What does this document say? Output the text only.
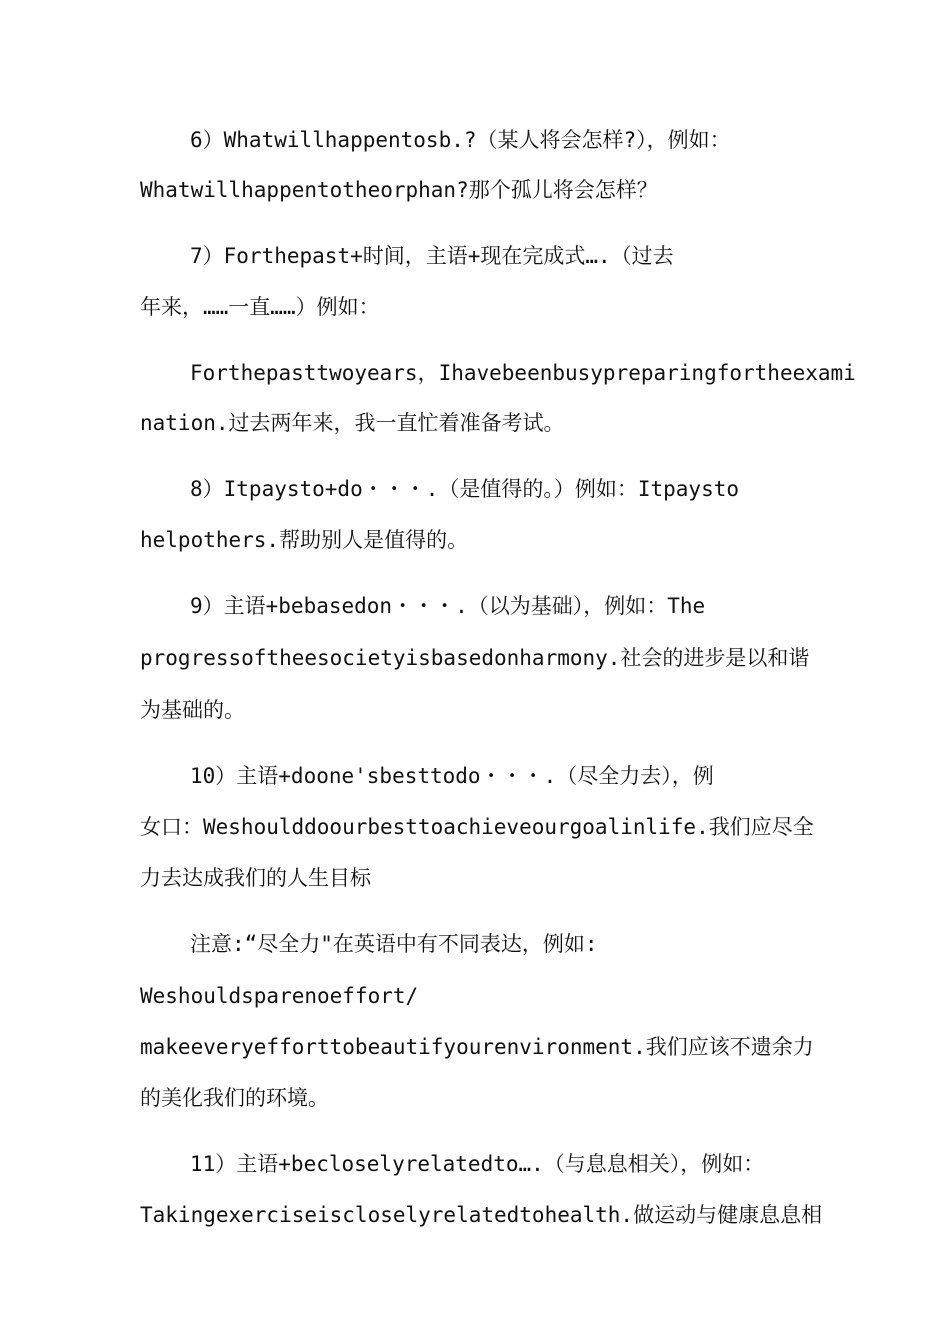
6）Whatwillhappentosb.?（某人将会怎样?），例如：
Whatwillhappentotheorphan?那个孤儿将会怎样？
7）Forthepast+时间，主语+现在完成式….（过去
年来，……一直……）例如：
Forthepasttwoyears，Ihavebeenbusypreparingfortheexami
nation.过去两年来，我一直忙着准备考试。
8）Itpaysto+do・・・.（是值得的。）例如：Itpaysto
helpothers.帮助别人是值得的。
9）主语+bebasedon・・・.（以为基础），例如：The
progressoftheesocietyisbasedonharmony.社会的进步是以和谐
为基础的。
10）主语+doone'sbesttodo・・・.（尽全力去），例
女口：Weshoulddoourbesttoachieveourgoalinlife.我们应尽全
力去达成我们的人生目标
注意:“尽全力"在英语中有不同表达，例如:
Weshouldsparenoeffort/
makeeveryefforttobeautifyourenvironment.我们应该不遗余力
的美化我们的环境。
11）主语+becloselyrelatedto….（与息息相关），例如：
Takingexerciseiscloselyrelatedtohealth.做运动与健康息息相
